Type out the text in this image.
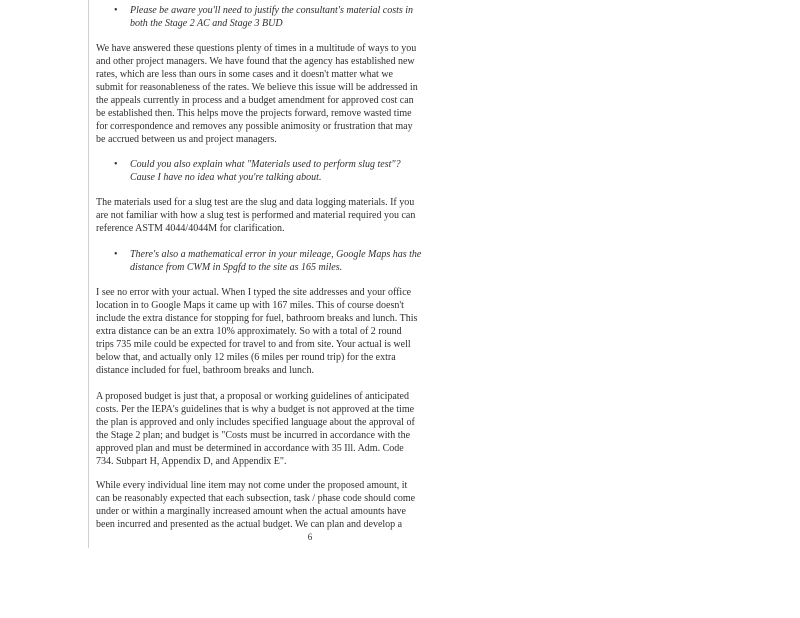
•	Please be aware you'll need to justify the consultant's material costs in
both the Stage 2 AC and Stage 3 BUD

We have answered these questions plenty of times in a multitude of ways to you
and other project managers. We have found that the agency has established new
rates, which are less than ours in some cases and it doesn't matter what we
submit for reasonableness of the rates. We believe this issue will be addressed in
the appeals currently in process and a budget amendment for approved cost can
be established then. This helps move the projects forward, remove wasted time
for correspondence and removes any possible animosity or frustration that may
be accrued between us and project managers.

•	Could you also explain what "Materials used to perform slug test"?
Cause I have no idea what you're talking about.

The materials used for a slug test are the slug and data logging materials. If you
are not familiar with how a slug test is performed and material required you can
reference ASTM 4044/4044M for clarification.

•	There's also a mathematical error in your mileage, Google Maps has the
distance from CWM in Spgfd to the site as 165 miles.

I see no error with your actual. When I typed the site addresses and your office
location in to Google Maps it came up with 167 miles. This of course doesn't
include the extra distance for stopping for fuel, bathroom breaks and lunch. This
extra distance can be an extra 10% approximately. So with a total of 2 round
trips 735 mile could be expected for travel to and from site. Your actual is well
below that, and actually only 12 miles (6 miles per round trip) for the extra
distance included for fuel, bathroom breaks and lunch.

A proposed budget is just that, a proposal or working guidelines of anticipated
costs. Per the IEPA's guidelines that is why a budget is not approved at the time
the plan is approved and only includes specified language about the approval of
the Stage 2 plan; and budget is "Costs must be incurred in accordance with the
approved plan and must be determined in accordance with 35 Ill. Adm. Code
734. Subpart H, Appendix D, and Appendix E".

While every individual line item may not come under the proposed amount, it
can be reasonably expected that each subsection, task / phase code should come
under or within a marginally increased amount when the actual amounts have
been incurred and presented as the actual budget. We can plan and develop a

6
